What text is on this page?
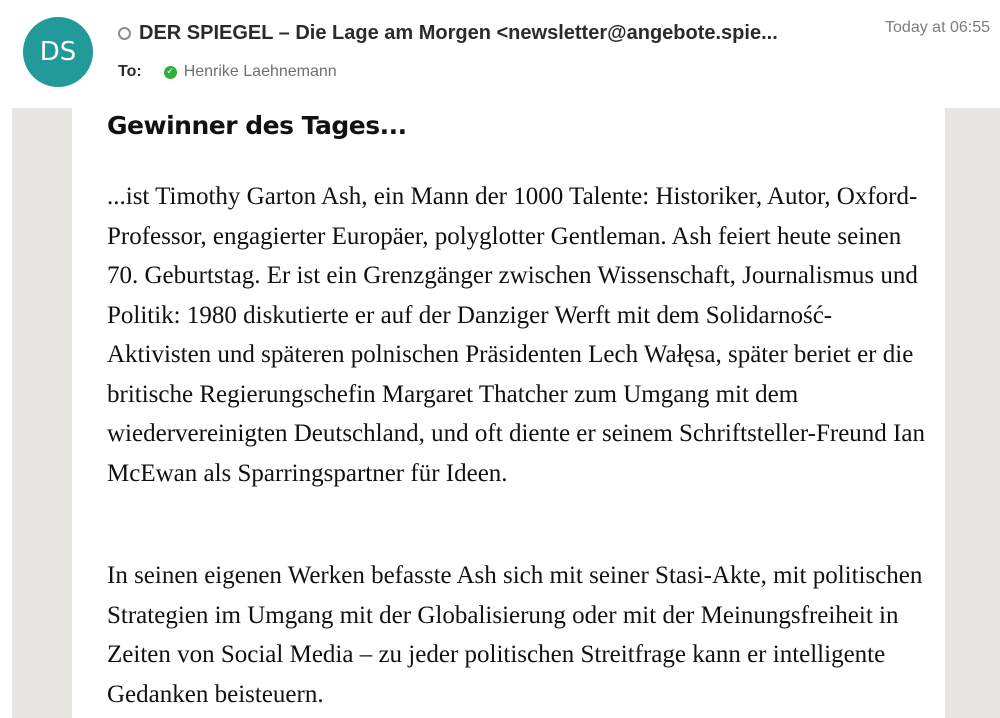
DS
DER SPIEGEL – Die Lage am Morgen <newsletter@angebote.spie...	Today at 06:55
To:	✓ Henrike Laehnemann
Gewinner des Tages...

...ist Timothy Garton Ash, ein Mann der 1000 Talente: Historiker, Autor, Oxford-Professor, engagierter Europäer, polyglotter Gentleman. Ash feiert heute seinen 70. Geburtstag. Er ist ein Grenzgänger zwischen Wissenschaft, Journalismus und Politik: 1980 diskutierte er auf der Danziger Werft mit dem Solidarność-Aktivisten und späteren polnischen Präsidenten Lech Wałęsa, später beriet er die britische Regierungschefin Margaret Thatcher zum Umgang mit dem wiedervereinigten Deutschland, und oft diente er seinem Schriftsteller-Freund Ian McEwan als Sparringspartner für Ideen.

In seinen eigenen Werken befasste Ash sich mit seiner Stasi-Akte, mit politischen Strategien im Umgang mit der Globalisierung oder mit der Meinungsfreiheit in Zeiten von Social Media – zu jeder politischen Streitfrage kann er intelligente Gedanken beisteuern.
